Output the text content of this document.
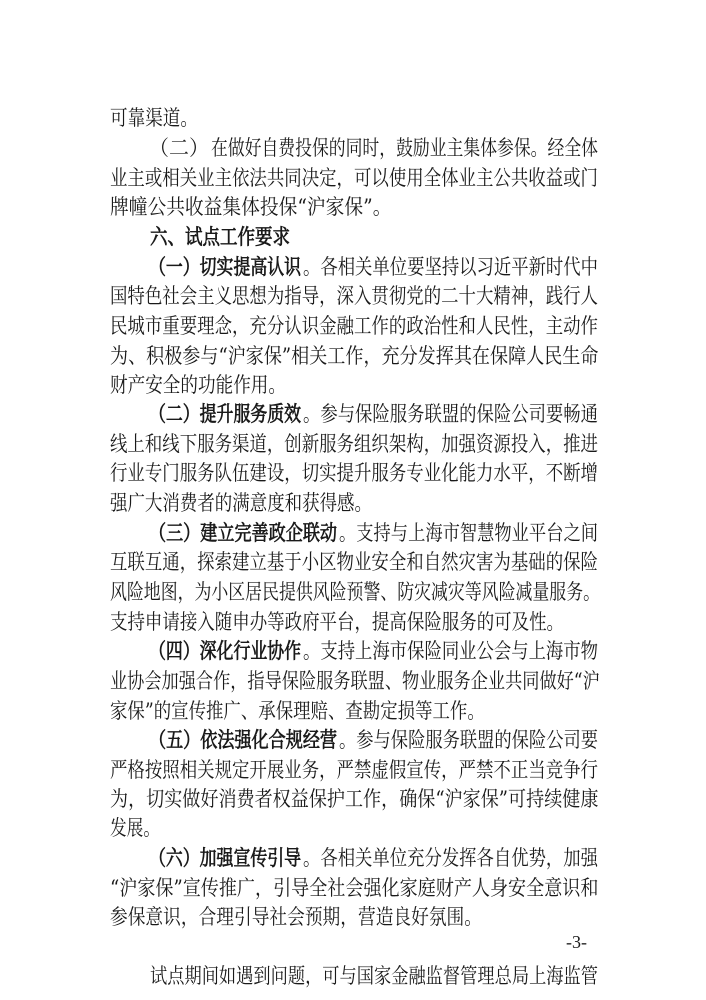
可靠渠道。
（二） 在做好自费投保的同时，鼓励业主集体参保。经全体
业主或相关业主依法共同决定，可以使用全体业主公共收益或门
牌幢公共收益集体投保“沪家保”。
六、试点工作要求
（一）切实提高认识 。各相关单位要坚持以习近平新时代中
国特色社会主义思想为指导，深入贯彻党的二十大精神，践行人
民城市重要理念，充分认识金融工作的政治性和人民性，主动作
为、积极参与“沪家保”相关工作，充分发挥其在保障人民生命
财产安全的功能作用。
（二）提升服务质效 。参与保险服务联盟的保险公司要畅通
线上和线下服务渠道，创新服务组织架构，加强资源投入，推进
行业专门服务队伍建设，切实提升服务专业化能力水平，不断增
强广大消费者的满意度和获得感。
（三）建立完善政企联动 。支持与上海市智慧物业平台之间
互联互通，探索建立基于小区物业安全和自然灾害为基础的保险
风险地图，为小区居民提供风险预警、防灾减灾等风险减量服务。
支持申请接入随申办等政府平台，提高保险服务的可及性。
（四）深化行业协作 。支持上海市保险同业公会与上海市物
业协会加强合作，指导保险服务联盟、物业服务企业共同做好“沪
家保”的宣传推广、承保理赔、查勘定损等工作。
（五）依法强化合规经营 。参与保险服务联盟的保险公司要
严格按照相关规定开展业务，严禁虚假宣传，严禁不正当竞争行
为，切实做好消费者权益保护工作，确保“沪家保”可持续健康
发展。
（六）加强宣传引导 。各相关单位充分发挥各自优势，加强
“沪家保”宣传推广，引导全社会强化家庭财产人身安全意识和
参保意识，合理引导社会预期，营造良好氛围。
试点期间如遇到问题，可与国家金融监督管理总局上海监管
-3-
